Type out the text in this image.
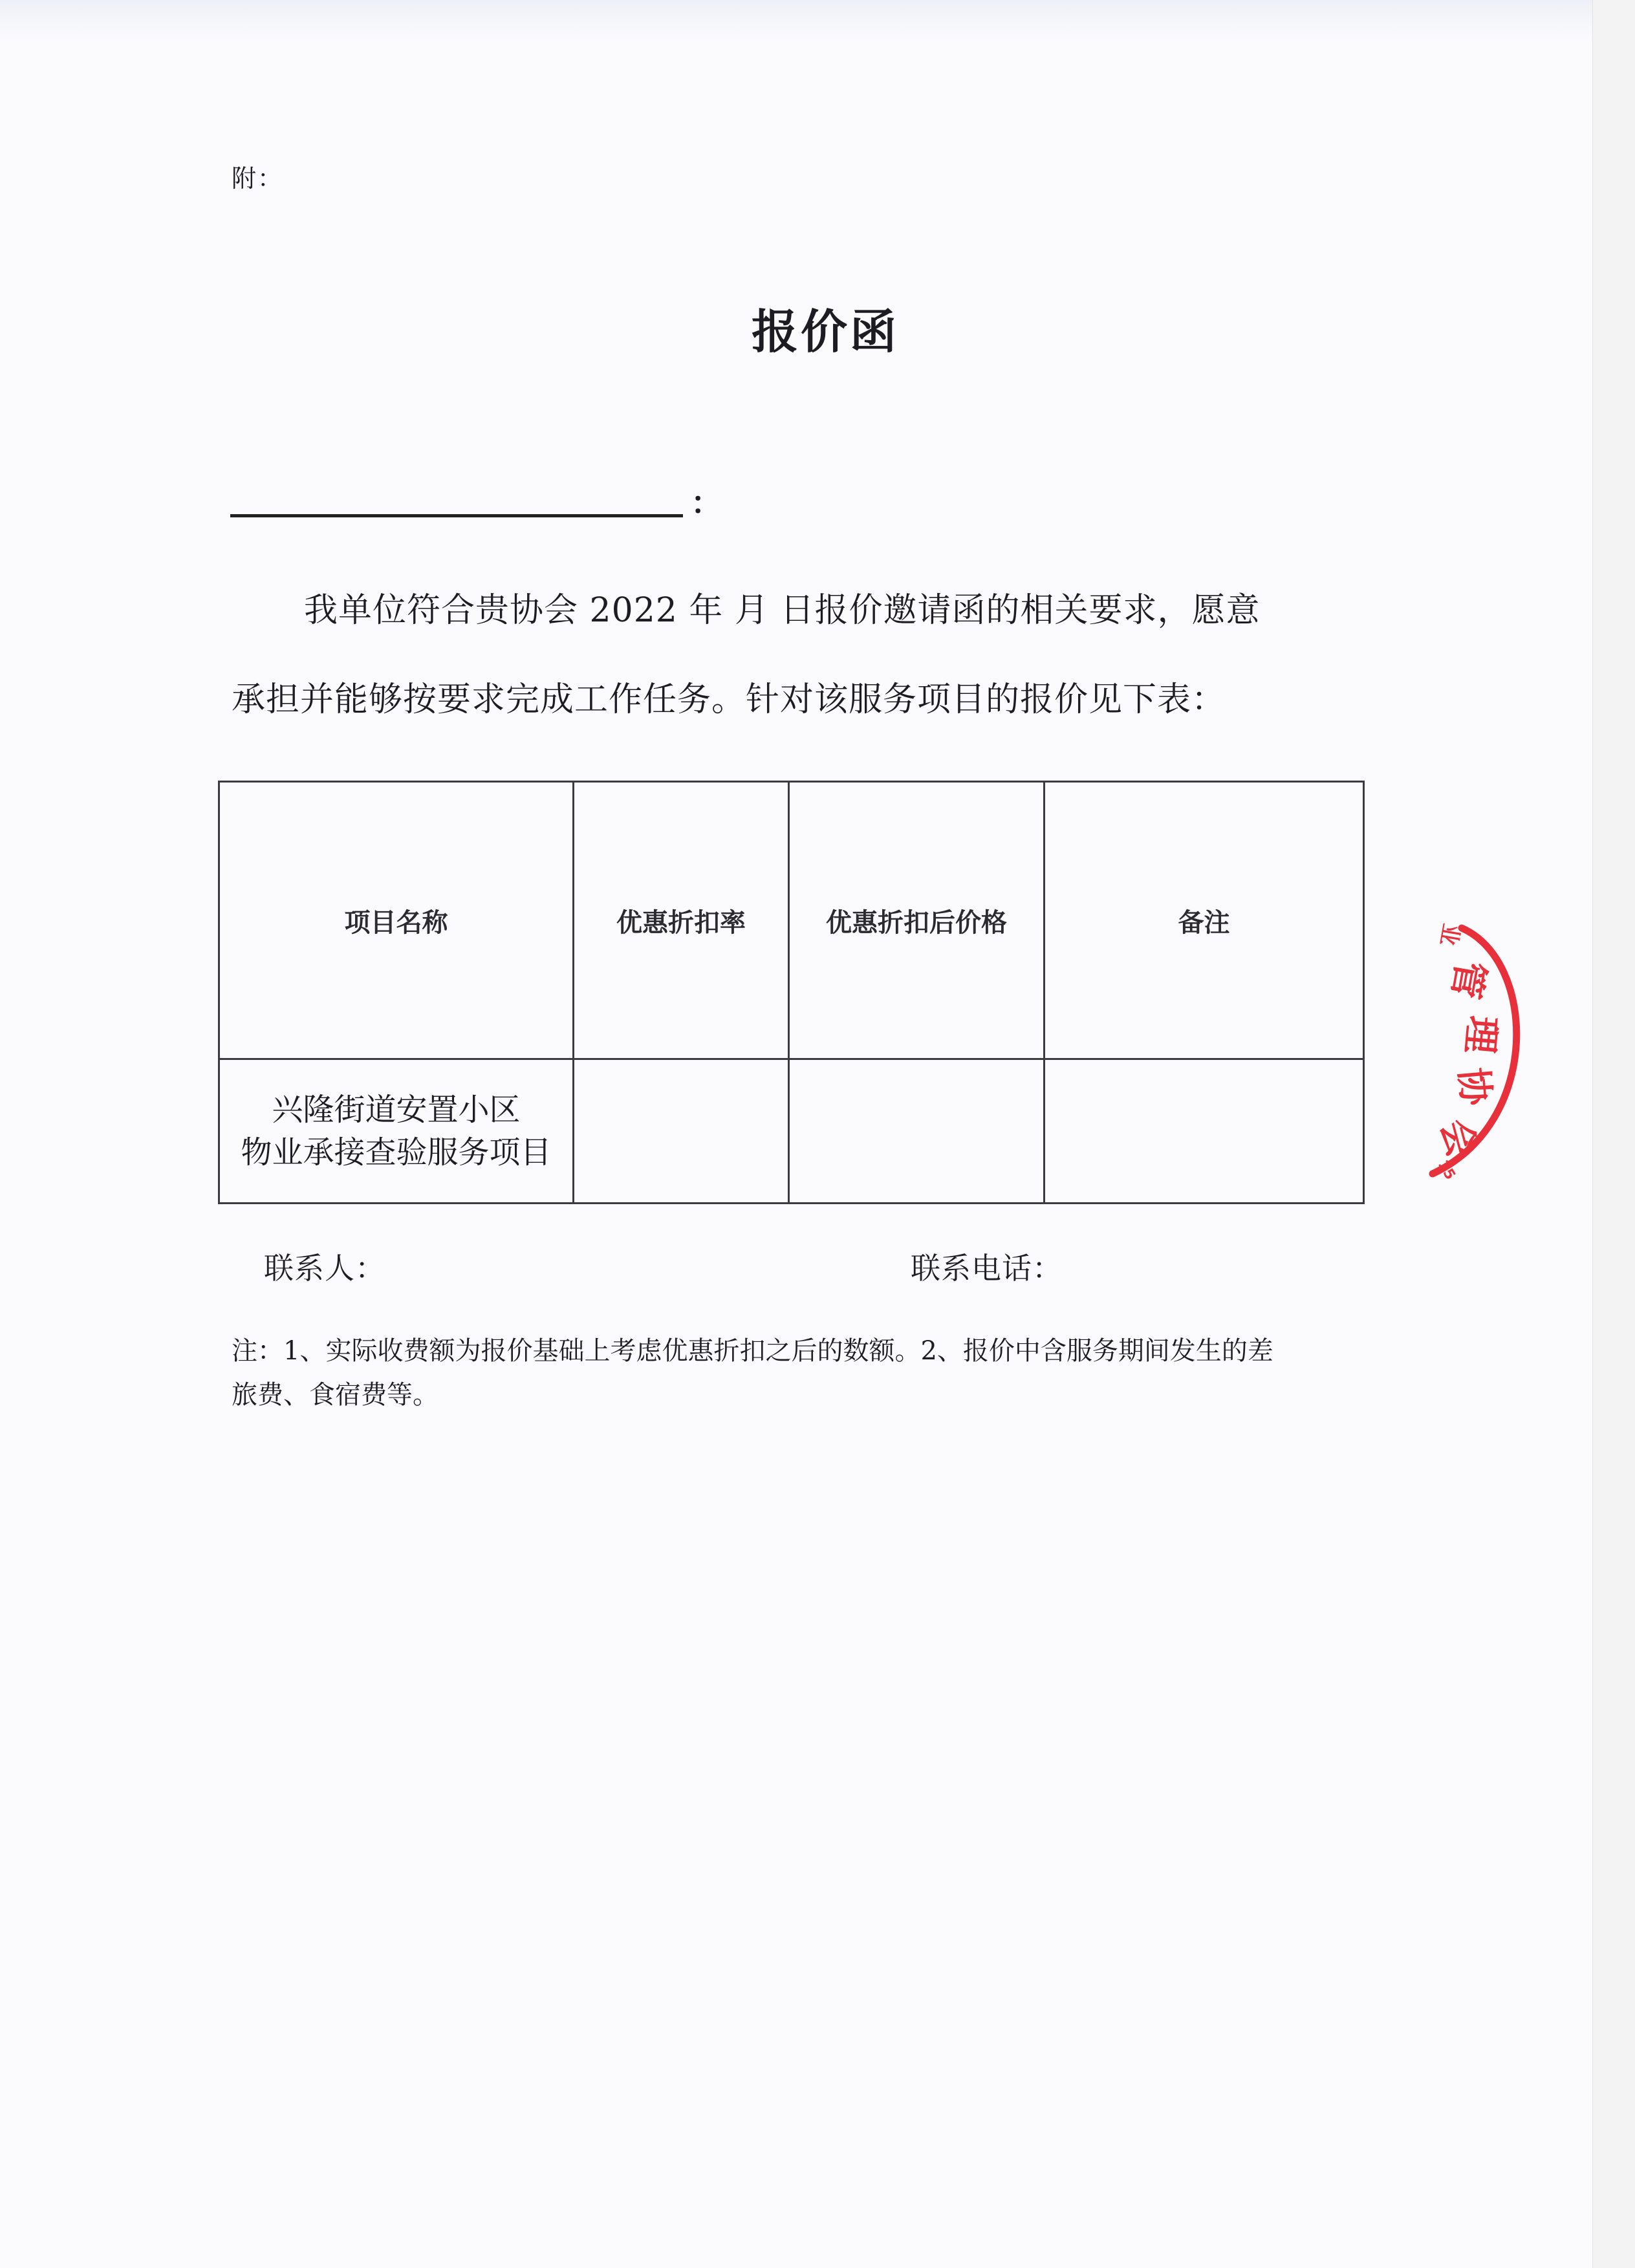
附：
报价函
：
我单位符合贵协会 2022 年 月 日报价邀请函的相关要求，愿意
承担并能够按要求完成工作任务。针对该服务项目的报价见下表：
项目名称	优惠折扣率	优惠折扣后价格	备注

兴隆街道安置小区
物业承接查验服务项目			

联系人：	联系电话：
注：1、实际收费额为报价基础上考虑优惠折扣之后的数额。2、报价中含服务期间发生的差
旅费、食宿费等。
业
管
理
协
会
15
